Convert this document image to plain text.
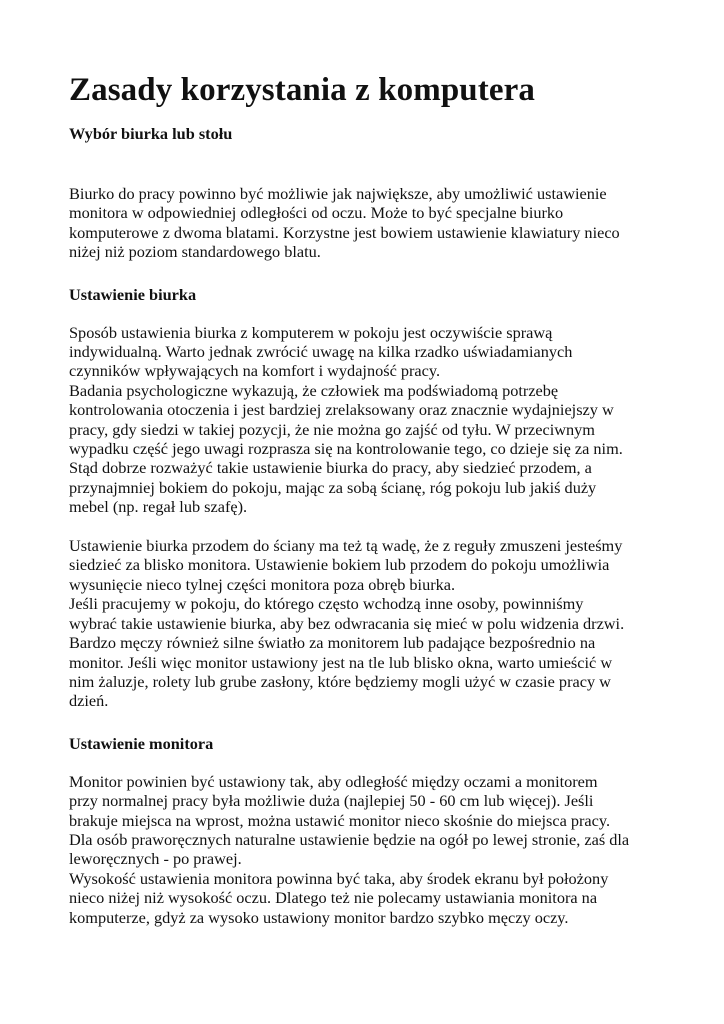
Zasady korzystania z komputera
Wybór biurka lub stołu

Biurko do pracy powinno być możliwie jak największe, aby umożliwić ustawienie
monitora w odpowiedniej odległości od oczu. Może to być specjalne biurko
komputerowe z dwoma blatami. Korzystne jest bowiem ustawienie klawiatury nieco
niżej niż poziom standardowego blatu.

Ustawienie biurka

Sposób ustawienia biurka z komputerem w pokoju jest oczywiście sprawą
indywidualną. Warto jednak zwrócić uwagę na kilka rzadko uświadamianych
czynników wpływających na komfort i wydajność pracy.
Badania psychologiczne wykazują, że człowiek ma podświadomą potrzebę
kontrolowania otoczenia i jest bardziej zrelaksowany oraz znacznie wydajniejszy w
pracy, gdy siedzi w takiej pozycji, że nie można go zajść od tyłu. W przeciwnym
wypadku część jego uwagi rozprasza się na kontrolowanie tego, co dzieje się za nim.
Stąd dobrze rozważyć takie ustawienie biurka do pracy, aby siedzieć przodem, a
przynajmniej bokiem do pokoju, mając za sobą ścianę, róg pokoju lub jakiś duży
mebel (np. regał lub szafę).

Ustawienie biurka przodem do ściany ma też tą wadę, że z reguły zmuszeni jesteśmy
siedzieć za blisko monitora. Ustawienie bokiem lub przodem do pokoju umożliwia
wysunięcie nieco tylnej części monitora poza obręb biurka.
Jeśli pracujemy w pokoju, do którego często wchodzą inne osoby, powinniśmy
wybrać takie ustawienie biurka, aby bez odwracania się mieć w polu widzenia drzwi.
Bardzo męczy również silne światło za monitorem lub padające bezpośrednio na
monitor. Jeśli więc monitor ustawiony jest na tle lub blisko okna, warto umieścić w
nim żaluzje, rolety lub grube zasłony, które będziemy mogli użyć w czasie pracy w
dzień.

Ustawienie monitora

Monitor powinien być ustawiony tak, aby odległość między oczami a monitorem
przy normalnej pracy była możliwie duża (najlepiej 50 - 60 cm lub więcej). Jeśli
brakuje miejsca na wprost, można ustawić monitor nieco skośnie do miejsca pracy.
Dla osób praworęcznych naturalne ustawienie będzie na ogół po lewej stronie, zaś dla
leworęcznych - po prawej.
Wysokość ustawienia monitora powinna być taka, aby środek ekranu był położony
nieco niżej niż wysokość oczu. Dlatego też nie polecamy ustawiania monitora na
komputerze, gdyż za wysoko ustawiony monitor bardzo szybko męczy oczy.
